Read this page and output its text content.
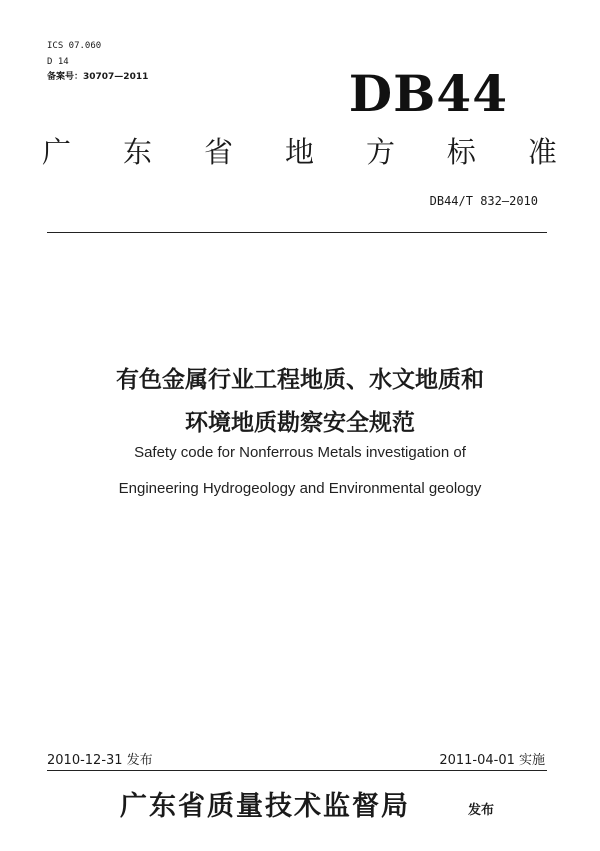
ICS 07.060
D 14
备案号：30707—2011	DB44
广 东 省 地 方 标 准
DB44/T 832—2010
有色金属行业工程地质、水文地质和
环境地质勘察安全规范
Safety code for Nonferrous Metals investigation of
Engineering Hydrogeology and Environmental geology
2010-12-31 发布	2011-04-01 实施
广东省质量技术监督局	发布
